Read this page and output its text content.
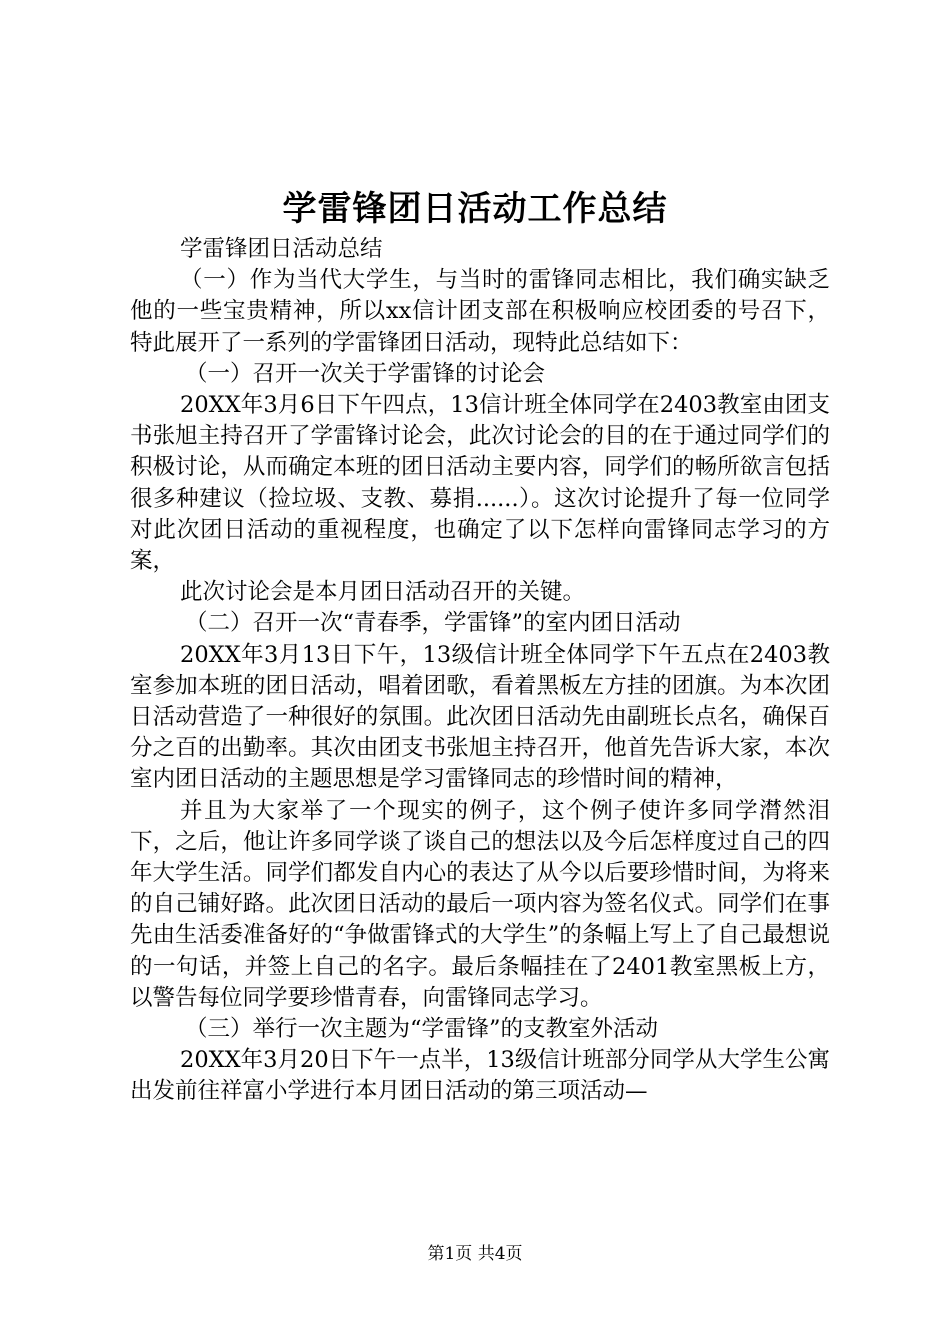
学雷锋团日活动工作总结

学雷锋团日活动总结

（一）作为当代大学生，与当时的雷锋同志相比，我们确实缺乏他的一些宝贵精神，所以xx信计团支部在积极响应校团委的号召下，特此展开了一系列的学雷锋团日活动，现特此总结如下：

（一）召开一次关于学雷锋的讨论会

20XX年3月6日下午四点，13信计班全体同学在2403教室由团支书张旭主持召开了学雷锋讨论会，此次讨论会的目的在于通过同学们的积极讨论，从而确定本班的团日活动主要内容，同学们的畅所欲言包括很多种建议（捡垃圾、支教、募捐......）。这次讨论提升了每一位同学对此次团日活动的重视程度，也确定了以下怎样向雷锋同志学习的方案，

此次讨论会是本月团日活动召开的关键。

（二）召开一次“青春季，学雷锋”的室内团日活动

20XX年3月13日下午，13级信计班全体同学下午五点在2403教室参加本班的团日活动，唱着团歌，看着黑板左方挂的团旗。为本次团日活动营造了一种很好的氛围。此次团日活动先由副班长点名，确保百分之百的出勤率。其次由团支书张旭主持召开，他首先告诉大家，本次室内团日活动的主题思想是学习雷锋同志的珍惜时间的精神，

并且为大家举了一个现实的例子，这个例子使许多同学潸然泪下，之后，他让许多同学谈了谈自己的想法以及今后怎样度过自己的四年大学生活。同学们都发自内心的表达了从今以后要珍惜时间，为将来的自己铺好路。此次团日活动的最后一项内容为签名仪式。同学们在事先由生活委准备好的“争做雷锋式的大学生”的条幅上写上了自己最想说的一句话，并签上自己的名字。最后条幅挂在了2401教室黑板上方，以警告每位同学要珍惜青春，向雷锋同志学习。

（三）举行一次主题为“学雷锋”的支教室外活动

20XX年3月20日下午一点半，13级信计班部分同学从大学生公寓出发前往祥富小学进行本月团日活动的第三项活动—

第1页 共4页
